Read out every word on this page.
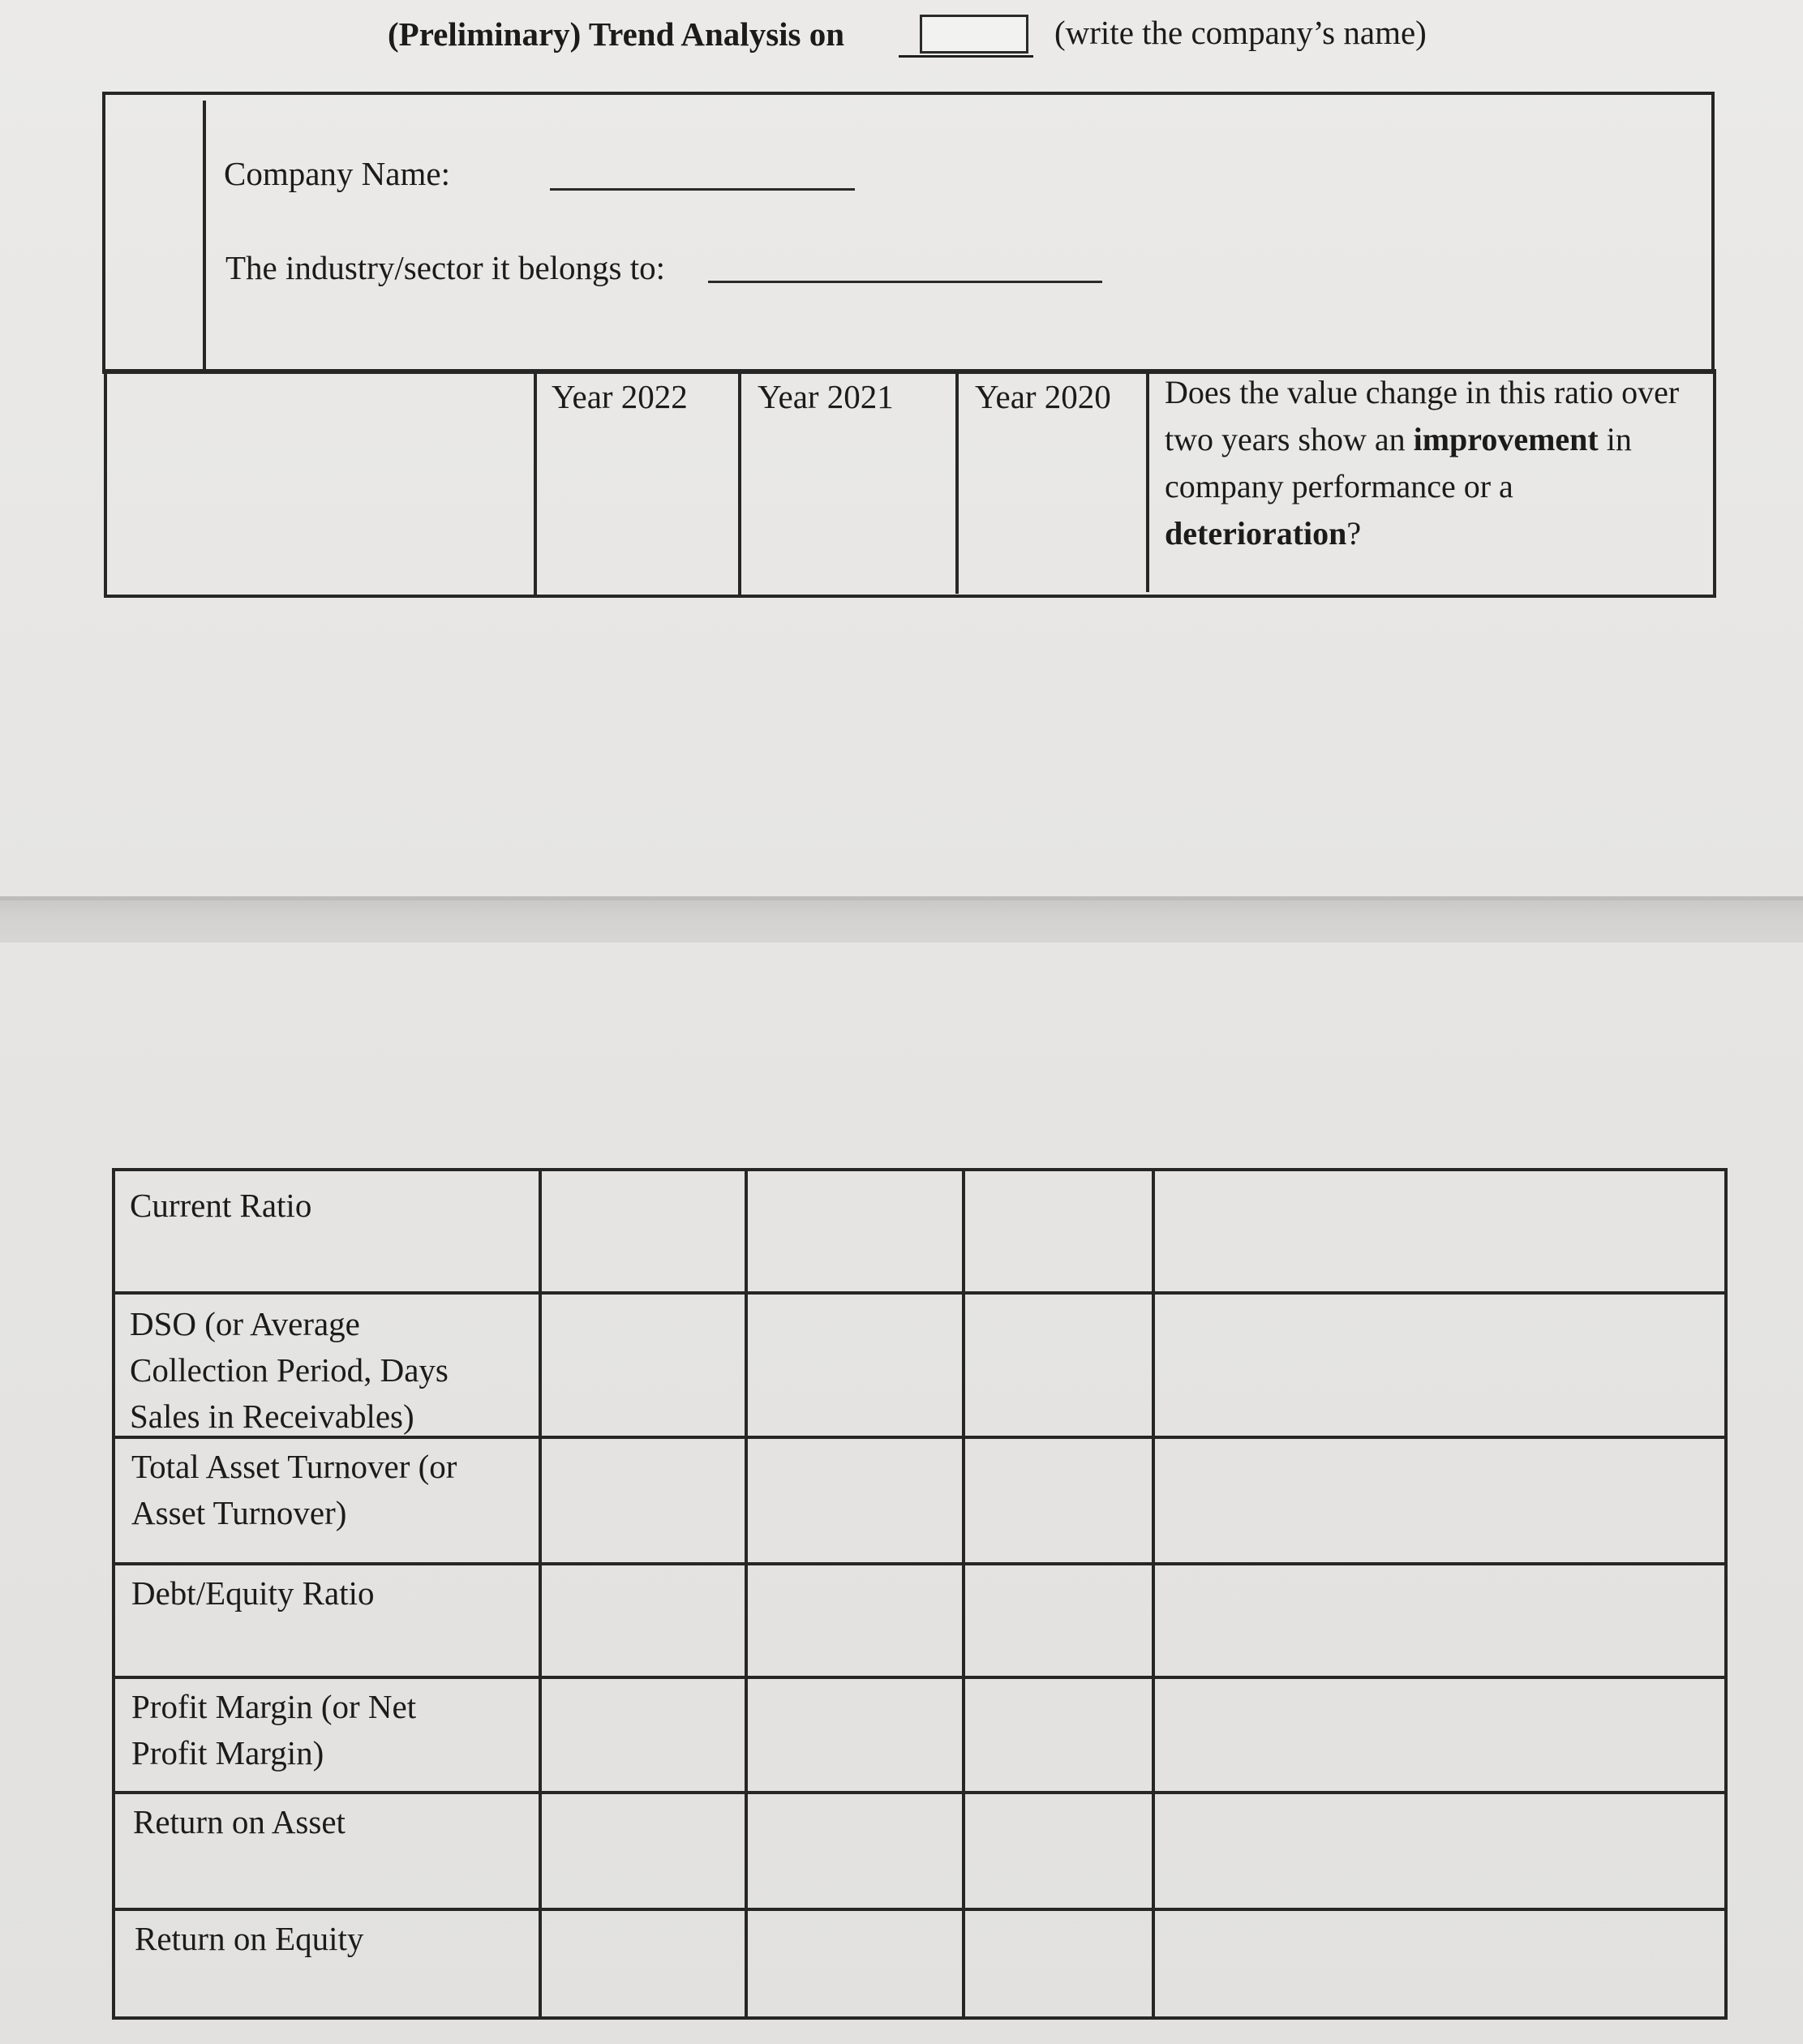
(Preliminary) Trend Analysis on	(write the company’s name)
Company Name:
The industry/sector it belongs to:
Year 2022 Year 2021 Year 2020 Does the value change in this ratio over two years show an improvement in company performance or a deterioration?
Current Ratio
DSO (or Average Collection Period, Days Sales in Receivables)
Total Asset Turnover (or Asset Turnover)
Debt/Equity Ratio
Profit Margin (or Net Profit Margin)
Return on Asset
Return on Equity
